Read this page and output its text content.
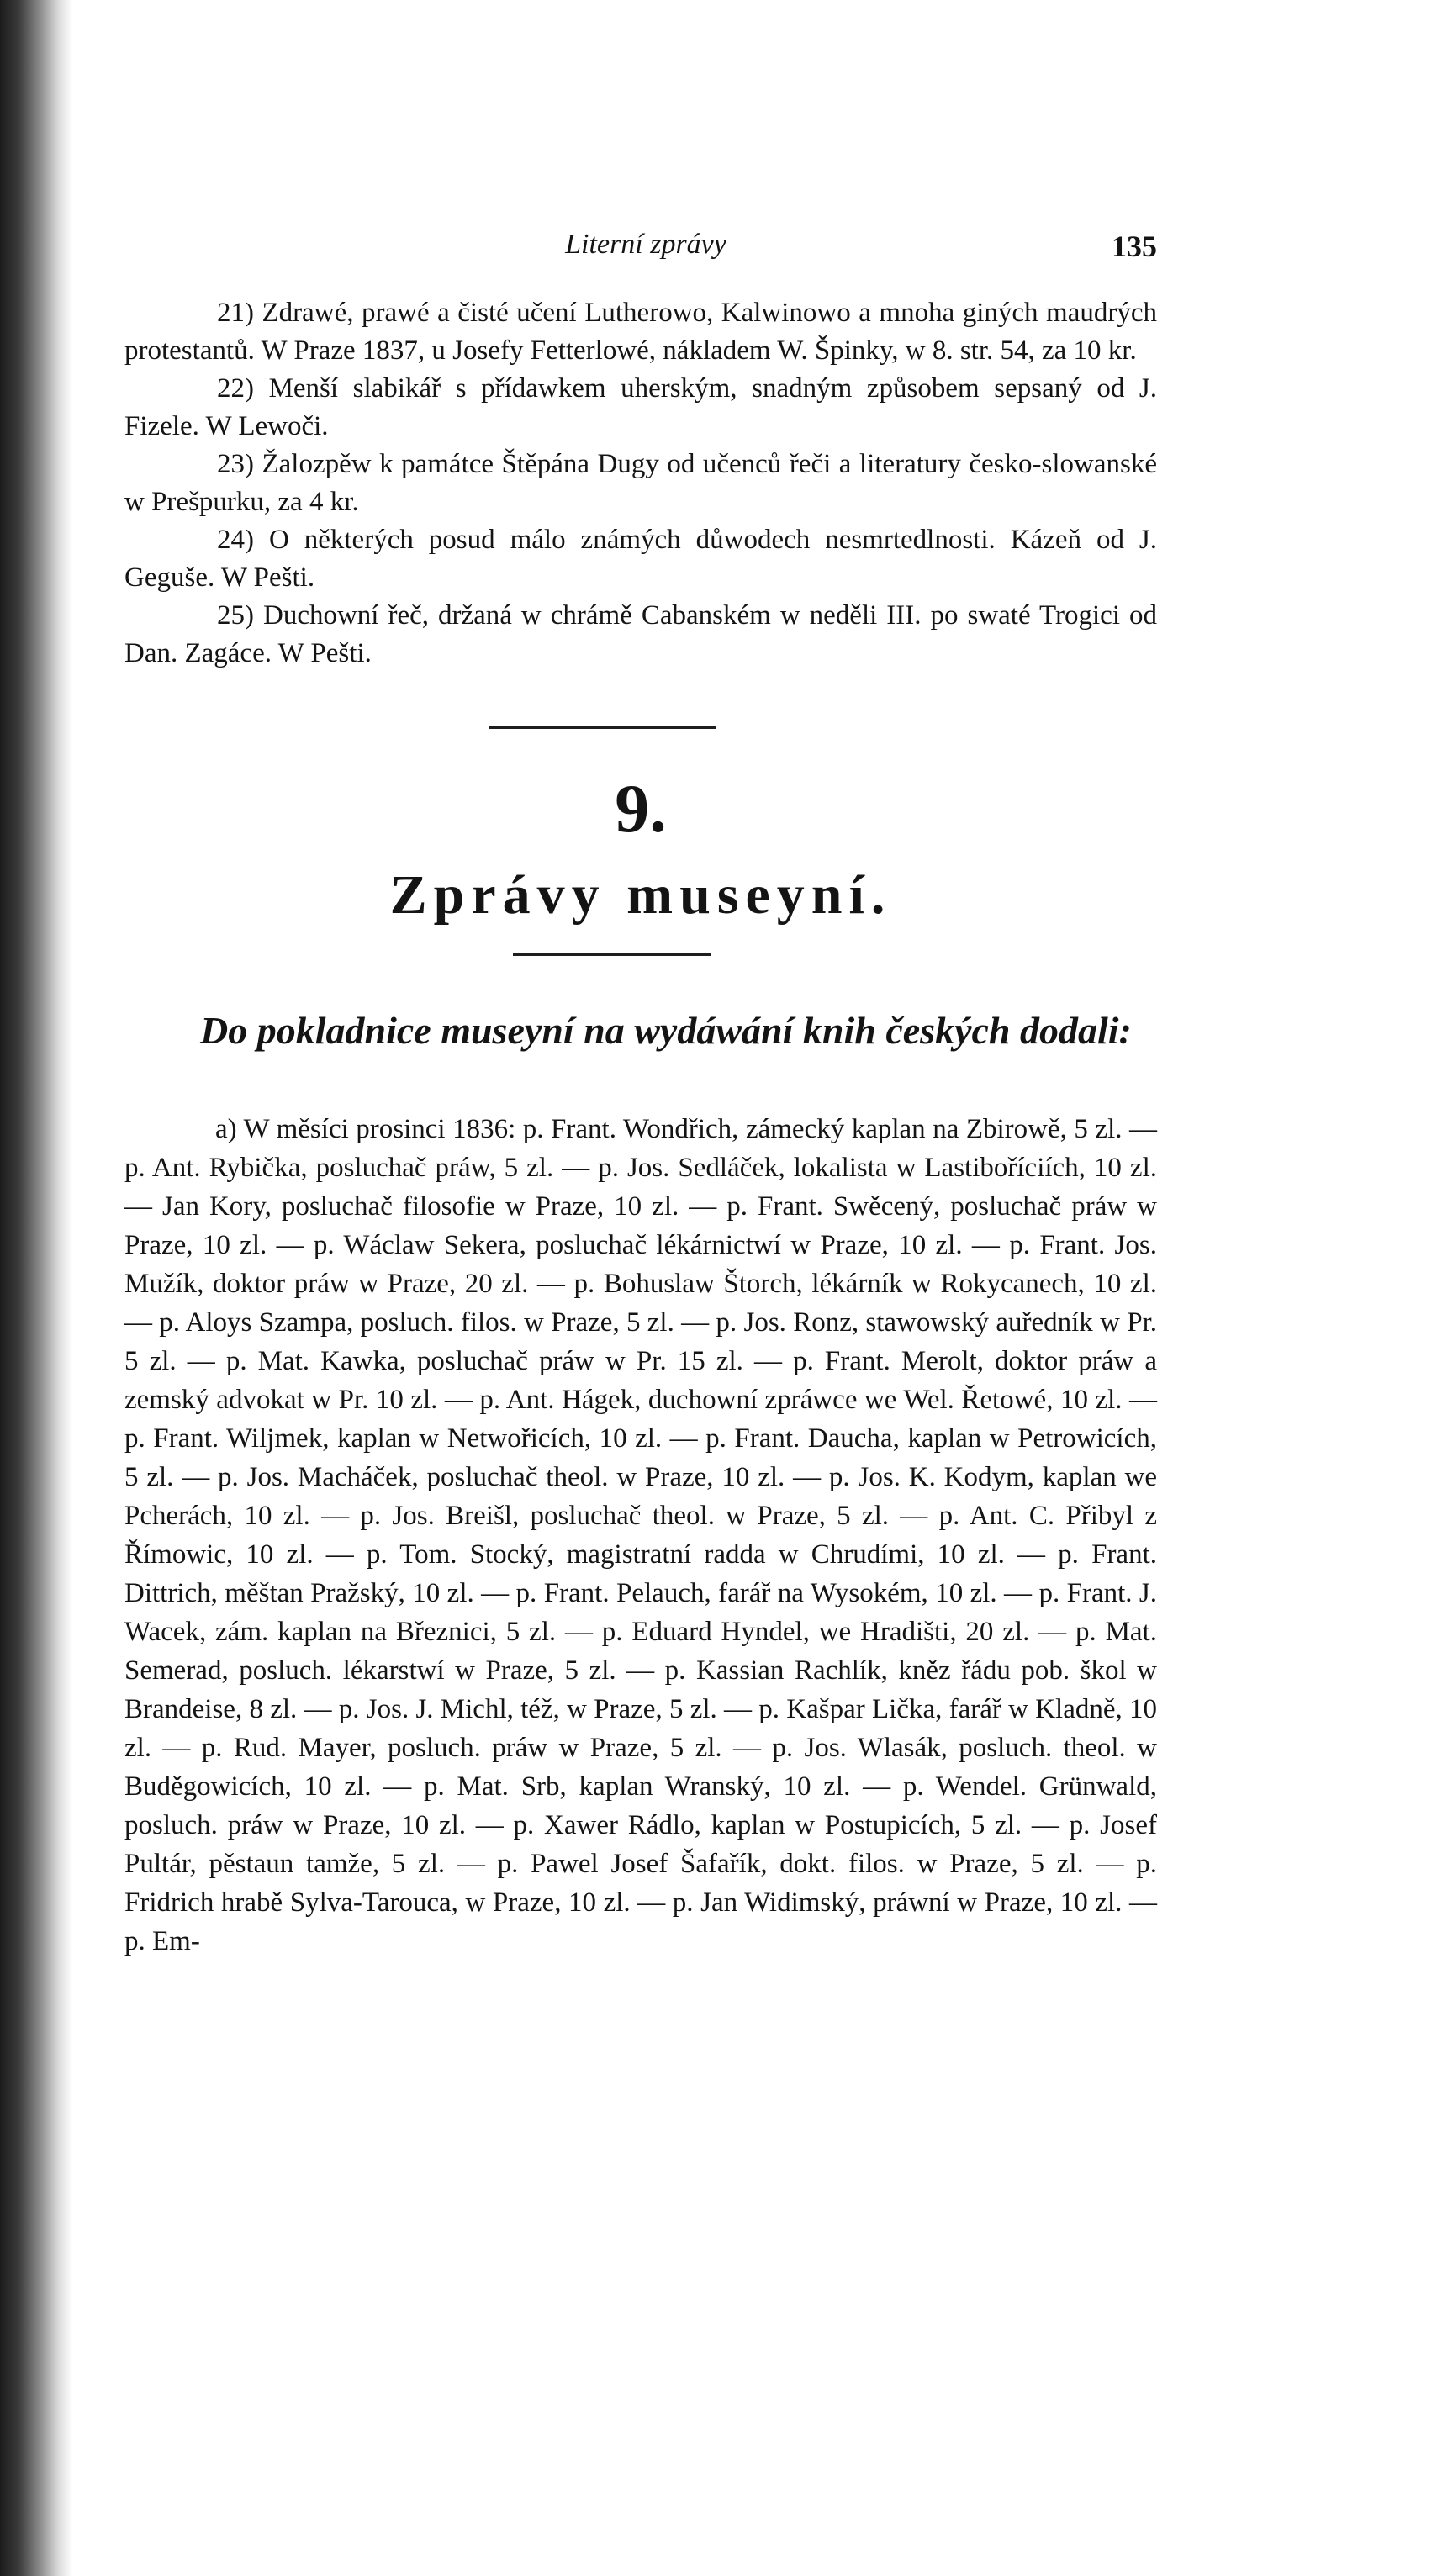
Literní zprávy	135

21) Zdrawé, prawé a čisté učení Lutherowo, Kalwinowo a mnoha giných maudrých protestantů. W Praze 1837, u Josefy Fetterlowé, nákladem W. Špinky, w 8. str. 54, za 10 kr.

22) Menší slabikář s přídawkem uherským, snadným způsobem sepsaný od J. Fizele. W Lewoči.

23) Žalozpěw k památce Štěpána Dugy od učenců řeči a literatury česko-slowanské w Prešpurku, za 4 kr.

24) O některých posud málo známých důwodech nesmrtedlnosti. Kázeň od J. Geguše. W Pešti.

25) Duchowní řeč, držaná w chrámě Cabanském w neděli III. po swaté Trogici od Dan. Zagáce. W Pešti.

9.
Zprávy museyní.
Do pokladnice museyní na wydáwání knih českých dodali:

a) W měsíci prosinci 1836: p. Frant. Wondřich, zámecký kaplan na Zbirowě, 5 zl. — p. Ant. Rybička, posluchač práw, 5 zl. — p. Jos. Sedláček, lokalista w Lastiboříciích, 10 zl. — Jan Kory, posluchač filosofie w Praze, 10 zl. — p. Frant. Swěcený, posluchač práw w Praze, 10 zl. — p. Wáclaw Sekera, posluchač lékárnictwí w Praze, 10 zl. — p. Frant. Jos. Mužík, doktor práw w Praze, 20 zl. — p. Bohuslaw Štorch, lékárník w Rokycanech, 10 zl. — p. Aloys Szampa, posluch. filos. w Praze, 5 zl. — p. Jos. Ronz, stawowský auředník w Pr. 5 zl. — p. Mat. Kawka, posluchač práw w Pr. 15 zl. — p. Frant. Merolt, doktor práw a zemský advokat w Pr. 10 zl. — p. Ant. Hágek, duchowní zpráwce we Wel. Řetowé, 10 zl. — p. Frant. Wiljmek, kaplan w Netwořicích, 10 zl. — p. Frant. Daucha, kaplan w Petrowicích, 5 zl. — p. Jos. Macháček, posluchač theol. w Praze, 10 zl. — p. Jos. K. Kodym, kaplan we Pcherách, 10 zl. — p. Jos. Breišl, posluchač theol. w Praze, 5 zl. — p. Ant. C. Přibyl z Římowic, 10 zl. — p. Tom. Stocký, magistratní radda w Chrudími, 10 zl. — p. Frant. Dittrich, měštan Pražský, 10 zl. — p. Frant. Pelauch, farář na Wysokém, 10 zl. — p. Frant. J. Wacek, zám. kaplan na Březnici, 5 zl. — p. Eduard Hyndel, we Hradišti, 20 zl. — p. Mat. Semerad, posluch. lékarstwí w Praze, 5 zl. — p. Kassian Rachlík, kněz řádu pob. škol w Brandeise, 8 zl. — p. Jos. J. Michl, též, w Praze, 5 zl. — p. Kašpar Lička, farář w Kladně, 10 zl. — p. Rud. Mayer, posluch. práw w Praze, 5 zl. — p. Jos. Wlasák, posluch. theol. w Buděgowicích, 10 zl. — p. Mat. Srb, kaplan Wranský, 10 zl. — p. Wendel. Grünwald, posluch. práw w Praze, 10 zl. — p. Xawer Rádlo, kaplan w Postupicích, 5 zl. — p. Josef Pultár, pěstaun tamže, 5 zl. — p. Pawel Josef Šafařík, dokt. filos. w Praze, 5 zl. — p. Fridrich hrabě Sylva-Tarouca, w Praze, 10 zl. — p. Jan Widimský, práwní w Praze, 10 zl. — p. Em-
